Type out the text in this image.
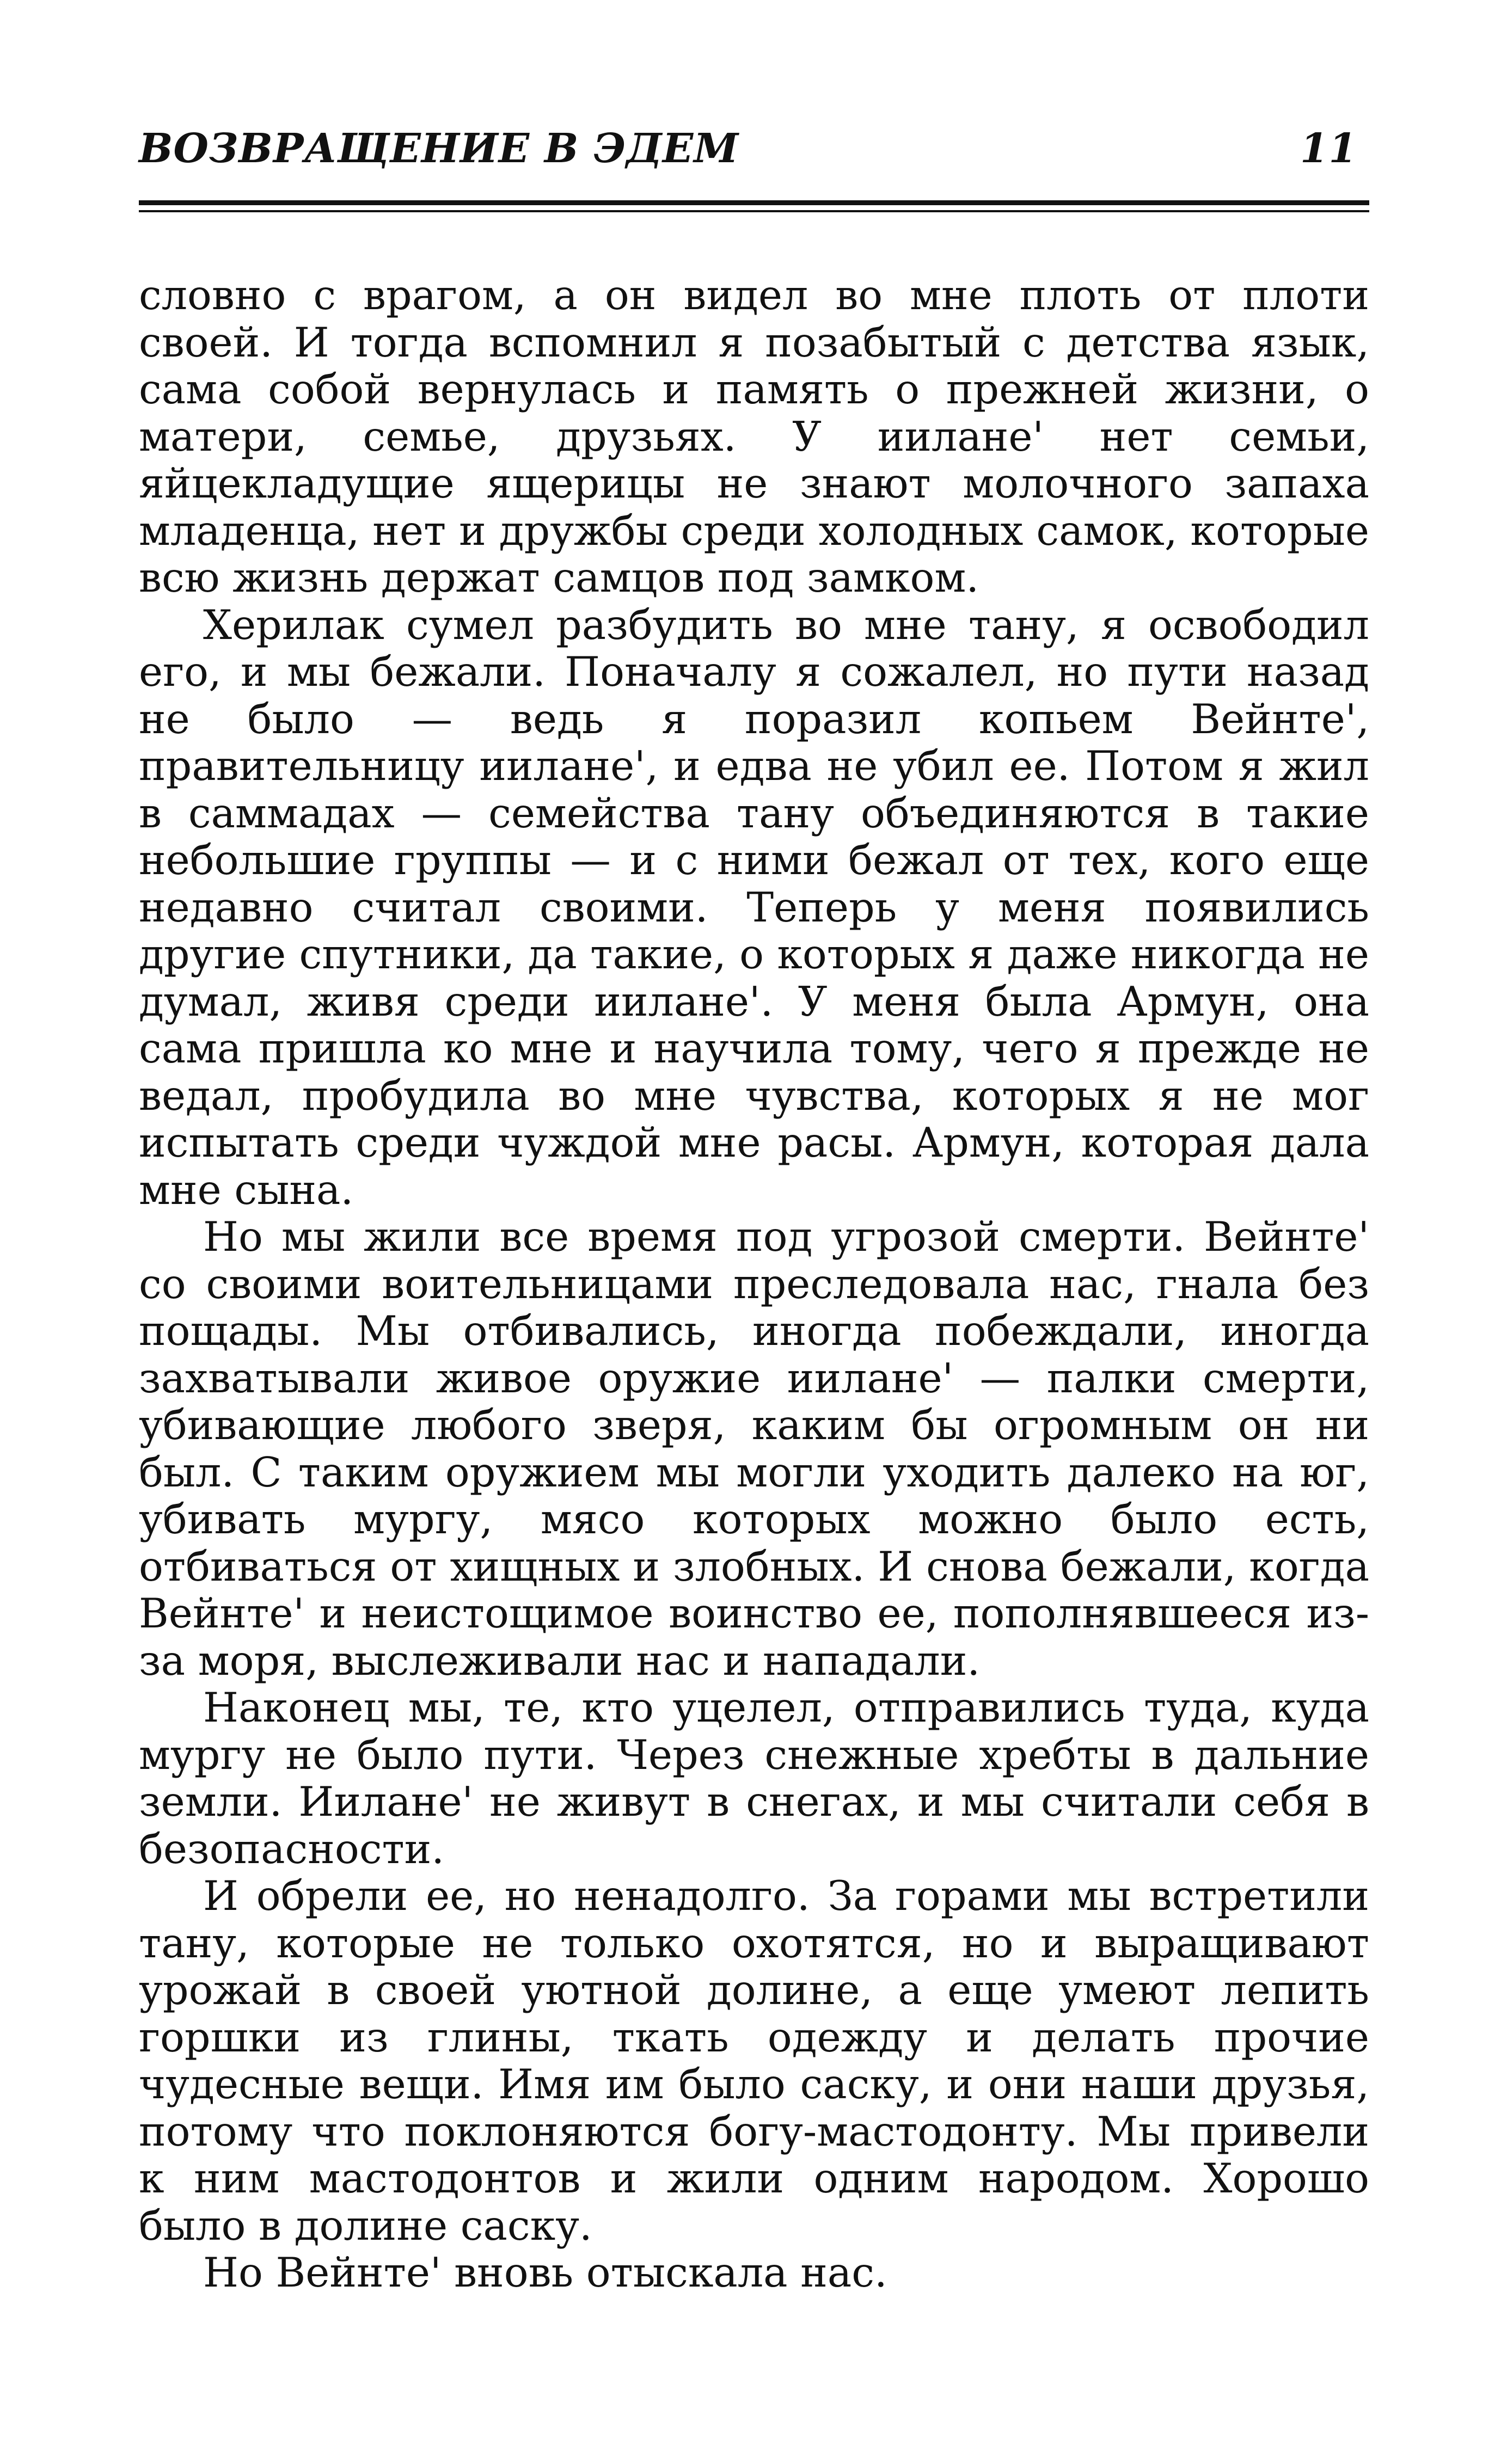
ВОЗВРАЩЕНИЕ В ЭДЕМ	11

словно с врагом, а он видел во мне плоть от плоти своей. И тогда вспомнил я позабытый с детства язык, сама собой вернулась и память о прежней жизни, о матери, семье, друзьях. У иилане' нет семьи, яйцекладущие ящерицы не знают молочного запаха младенца, нет и дружбы среди холодных самок, которые всю жизнь держат самцов под замком.

Херилак сумел разбудить во мне тану, я освободил его, и мы бежали. Поначалу я сожалел, но пути назад не было — ведь я поразил копьем Вейнте', правительницу иилане', и едва не убил ее. Потом я жил в саммадах — семейства тану объединяются в такие небольшие группы — и с ними бежал от тех, кого еще недавно считал своими. Теперь у меня появились другие спутники, да такие, о которых я даже никогда не думал, живя среди иилане'. У меня была Армун, она сама пришла ко мне и научила тому, чего я прежде не ведал, пробудила во мне чувства, которых я не мог испытать среди чуждой мне расы. Армун, которая дала мне сына.

Но мы жили все время под угрозой смерти. Вейнте' со своими воительницами преследовала нас, гнала без пощады. Мы отбивались, иногда побеждали, иногда захватывали живое оружие иилане' — палки смерти, убивающие любого зверя, каким бы огромным он ни был. С таким оружием мы могли уходить далеко на юг, убивать мургу, мясо которых можно было есть, отбиваться от хищных и злобных. И снова бежали, когда Вейнте' и неистощимое воинство ее, пополнявшееся из-за моря, выслеживали нас и нападали.

Наконец мы, те, кто уцелел, отправились туда, куда мургу не было пути. Через снежные хребты в дальние земли. Иилане' не живут в снегах, и мы считали себя в безопасности.

И обрели ее, но ненадолго. За горами мы встретили тану, которые не только охотятся, но и выращивают урожай в своей уютной долине, а еще умеют лепить горшки из глины, ткать одежду и делать прочие чудесные вещи. Имя им было саску, и они наши друзья, потому что поклоняются богу-мастодонту. Мы привели к ним мастодонтов и жили одним народом. Хорошо было в долине саску.

Но Вейнте' вновь отыскала нас.
